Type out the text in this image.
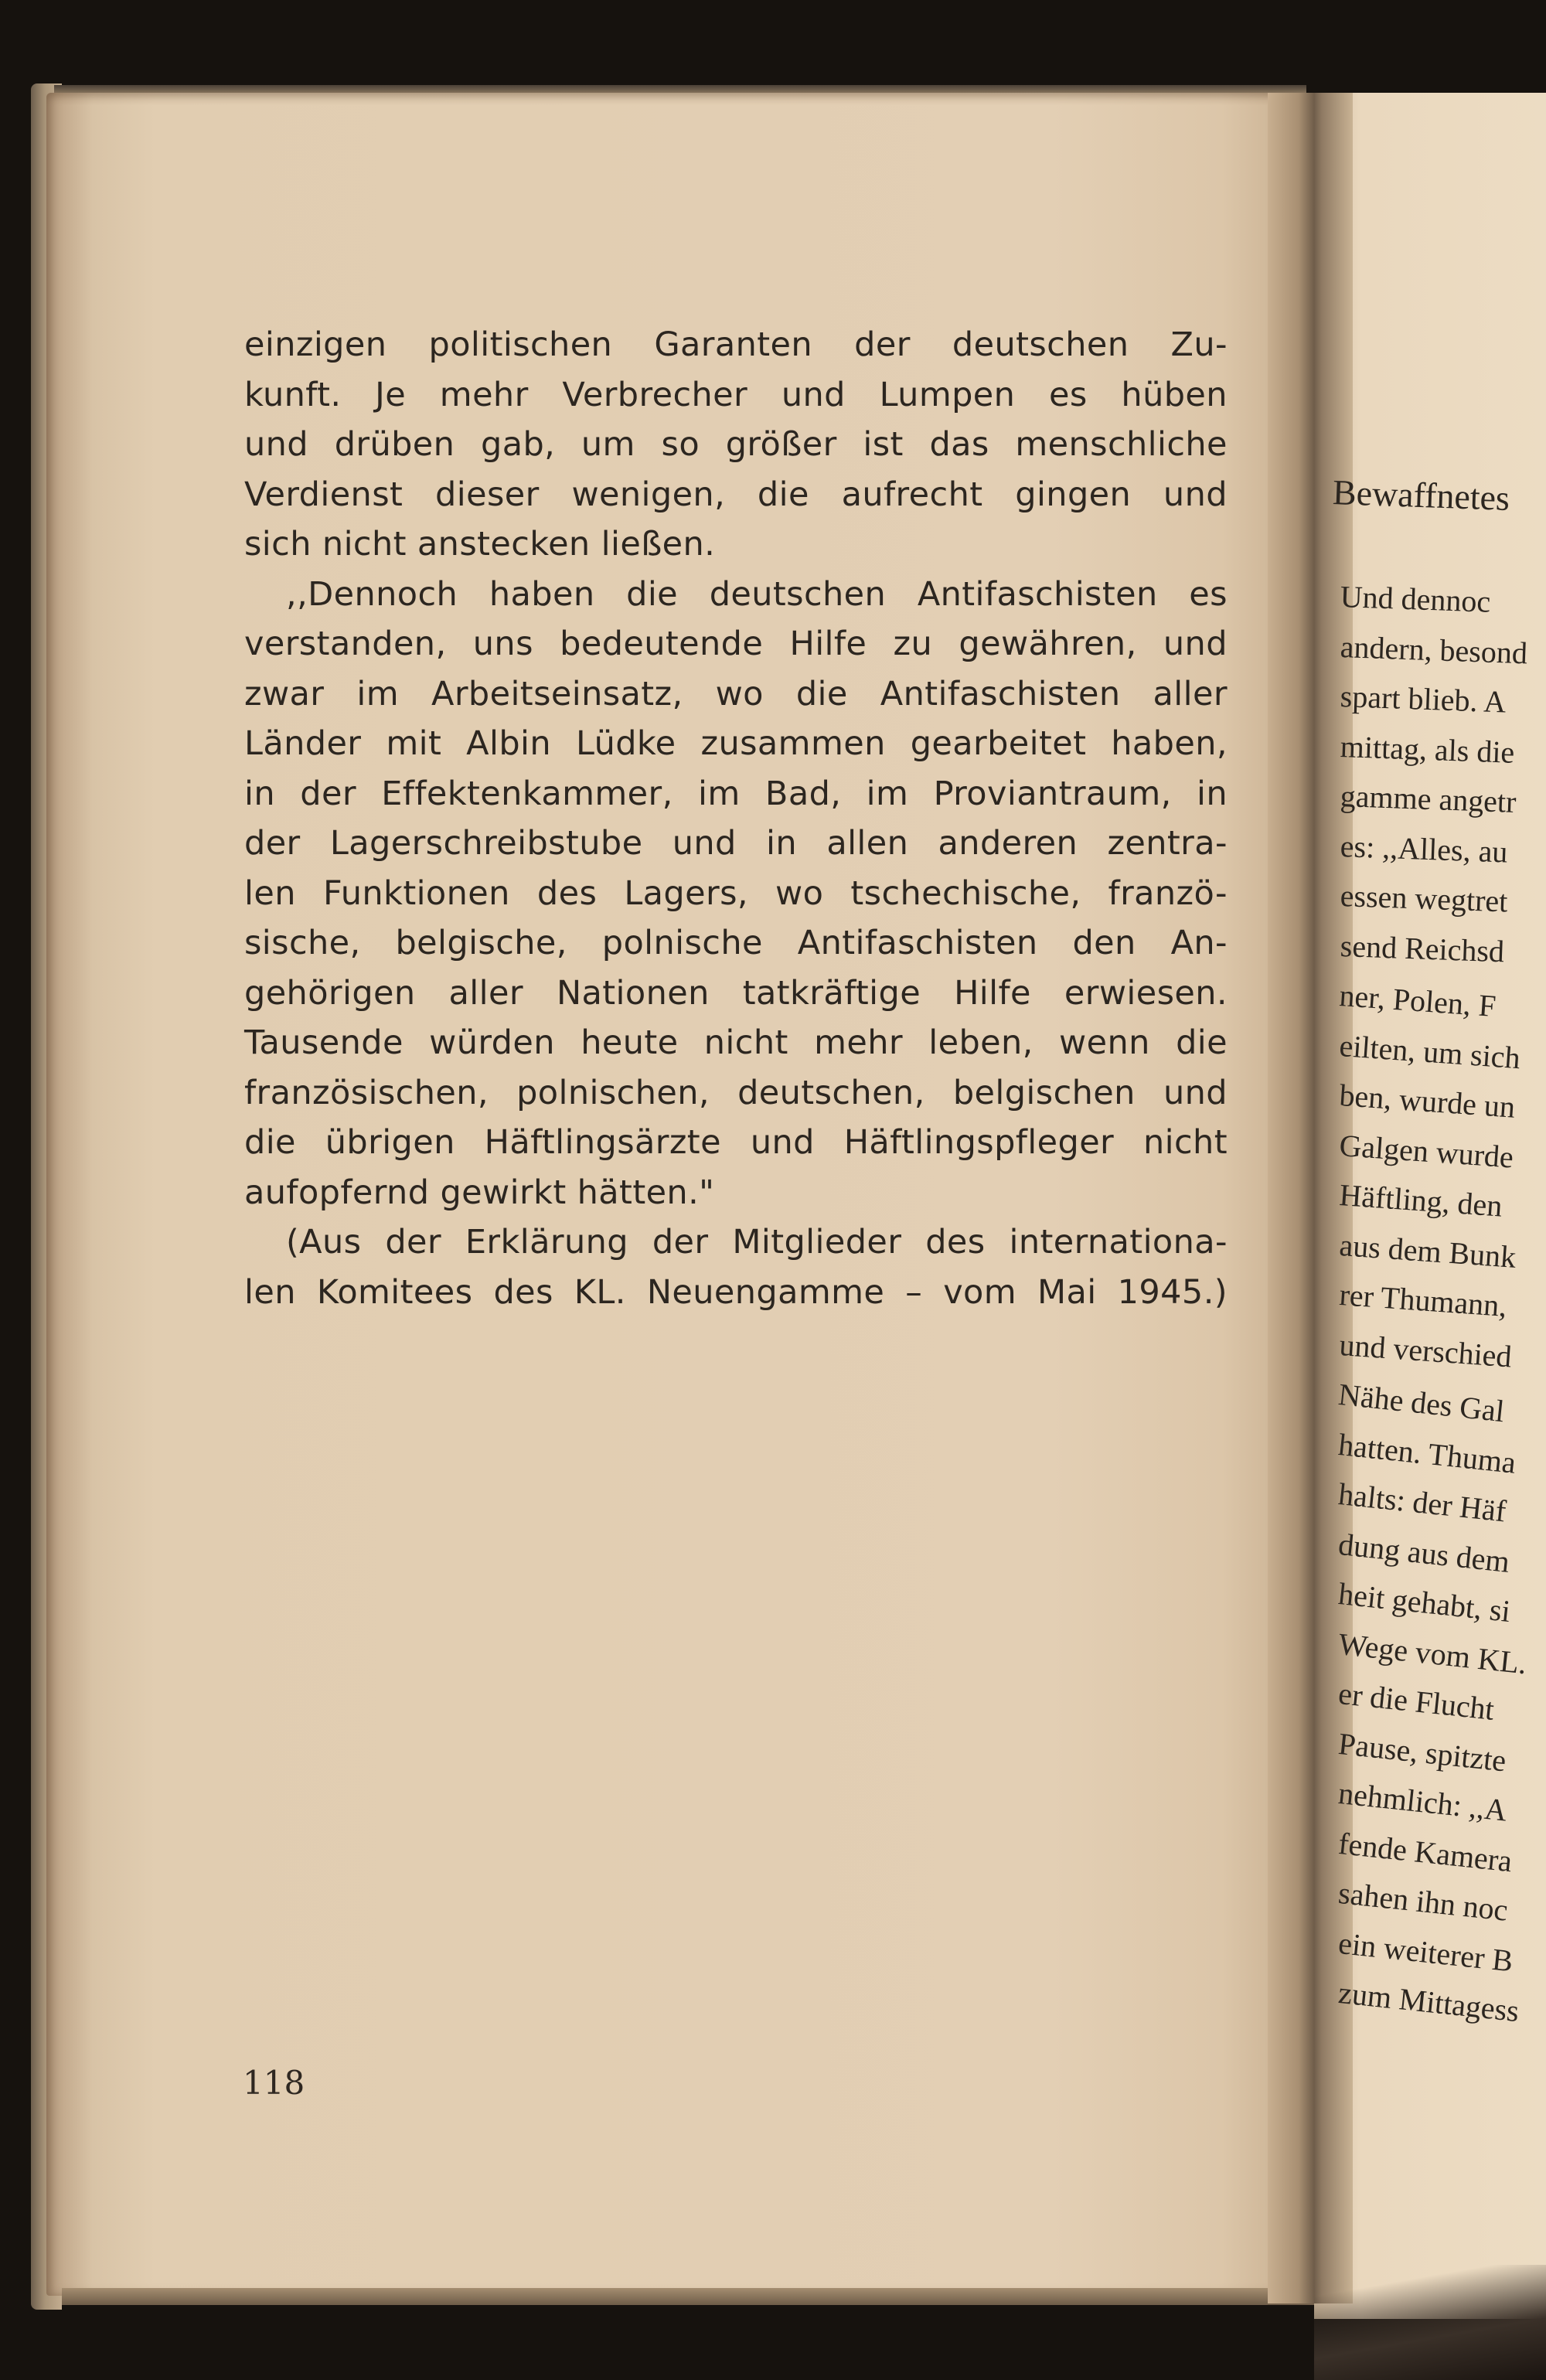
einzigen politischen Garanten der deutschen Zu-
kunft. Je mehr Verbrecher und Lumpen es hüben
und drüben gab, um so größer ist das menschliche
Verdienst dieser wenigen, die aufrecht gingen und
sich nicht anstecken ließen.
,,Dennoch haben die deutschen Antifaschisten es
verstanden, uns bedeutende Hilfe zu gewähren, und
zwar im Arbeitseinsatz, wo die Antifaschisten aller
Länder mit Albin Lüdke zusammen gearbeitet haben,
in der Effektenkammer, im Bad, im Proviantraum, in
der Lagerschreibstube und in allen anderen zentra-
len Funktionen des Lagers, wo tschechische, franzö-
sische, belgische, polnische Antifaschisten den An-
gehörigen aller Nationen tatkräftige Hilfe erwiesen.
Tausende würden heute nicht mehr leben, wenn die
französischen, polnischen, deutschen, belgischen und
die übrigen Häftlingsärzte und Häftlingspfleger nicht
aufopfernd gewirkt hätten."
(Aus der Erklärung der Mitglieder des internationa-
len Komitees des KL. Neuengamme – vom Mai 1945.)
118
Bewaffnetes
Und dennoc
andern, besond
spart blieb. A
mittag, als die
gamme angetr
es: ,,Alles, au
essen wegtret
send Reichsd
ner, Polen, F
eilten, um sich
ben, wurde un
Galgen wurde
Häftling, den
aus dem Bunk
rer Thumann,
und verschied
Nähe des Gal
hatten. Thuma
halts: der Häf
dung aus dem
heit gehabt, si
Wege vom KL.
er die Flucht
Pause, spitzte
nehmlich: ,,A
fende Kamera
sahen ihn noc
ein weiterer B
zum Mittagess
